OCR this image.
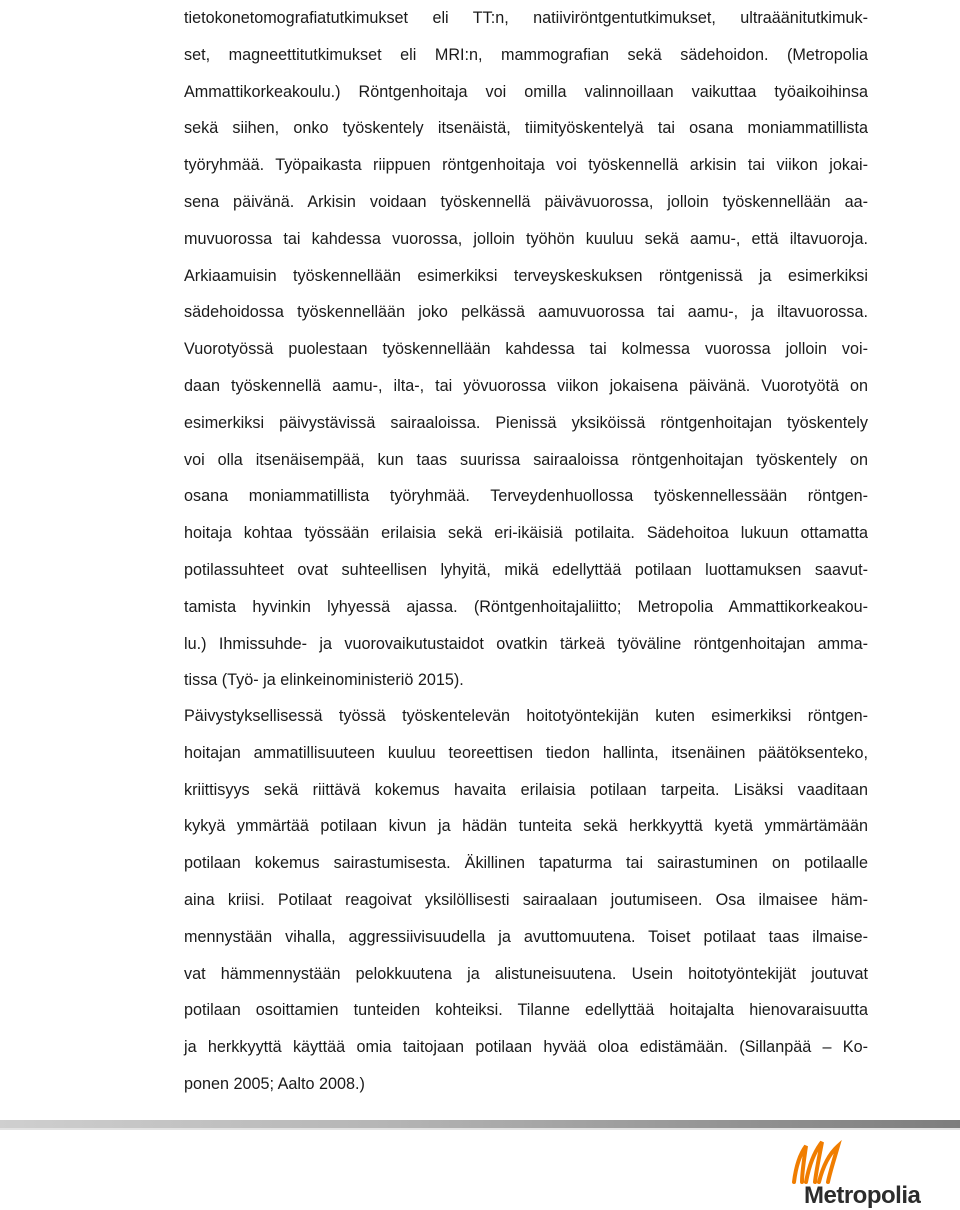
tietokonetomografiatutkimukset eli TT:n, natiiviröntgentutkimukset, ultraäänitutkimuk-
set, magneettitutkimukset eli MRI:n, mammografian sekä sädehoidon. (Metropolia
Ammattikorkeakoulu.) Röntgenhoitaja voi omilla valinnoillaan vaikuttaa työaikoihinsa
sekä siihen, onko työskentely itsenäistä, tiimityöskentelyä tai osana moniammatillista
työryhmää. Työpaikasta riippuen röntgenhoitaja voi työskennellä arkisin tai viikon jokai-
sena päivänä. Arkisin voidaan työskennellä päivävuorossa, jolloin työskennellään aa-
muvuorossa tai kahdessa vuorossa, jolloin työhön kuuluu sekä aamu-, että iltavuoroja.
Arkiaamuisin työskennellään esimerkiksi terveyskeskuksen röntgenissä ja esimerkiksi
sädehoidossa työskennellään joko pelkässä aamuvuorossa tai aamu-, ja iltavuorossa.
Vuorotyössä puolestaan työskennellään kahdessa tai kolmessa vuorossa jolloin voi-
daan työskennellä aamu-, ilta-, tai yövuorossa viikon jokaisena päivänä. Vuorotyötä on
esimerkiksi päivystävissä sairaaloissa. Pienissä yksiköissä röntgenhoitajan työskentely
voi olla itsenäisempää, kun taas suurissa sairaaloissa röntgenhoitajan työskentely on
osana moniammatillista työryhmää. Terveydenhuollossa työskennellessään röntgen-
hoitaja kohtaa työssään erilaisia sekä eri-ikäisiä potilaita. Sädehoitoa lukuun ottamatta
potilassuhteet ovat suhteellisen lyhyitä, mikä edellyttää potilaan luottamuksen saavut-
tamista hyvinkin lyhyessä ajassa. (Röntgenhoitajaliitto; Metropolia Ammattikorkeakou-
lu.) Ihmissuhde- ja vuorovaikutustaidot ovatkin tärkeä työväline röntgenhoitajan amma-
tissa (Työ- ja elinkeinoministeriö 2015).
Päivystyksellisessä työssä työskentelevän hoitotyöntekijän kuten esimerkiksi röntgen-
hoitajan ammatillisuuteen kuuluu teoreettisen tiedon hallinta, itsenäinen päätöksenteko,
kriittisyys sekä riittävä kokemus havaita erilaisia potilaan tarpeita. Lisäksi vaaditaan
kykyä ymmärtää potilaan kivun ja hädän tunteita sekä herkkyyttä kyetä ymmärtämään
potilaan kokemus sairastumisesta. Äkillinen tapaturma tai sairastuminen on potilaalle
aina kriisi. Potilaat reagoivat yksilöllisesti sairaalaan joutumiseen. Osa ilmaisee häm-
mennystään vihalla, aggressiivisuudella ja avuttomuutena. Toiset potilaat taas ilmaise-
vat hämmennystään pelokkuutena ja alistuneisuutena. Usein hoitotyöntekijät joutuvat
potilaan osoittamien tunteiden kohteiksi. Tilanne edellyttää hoitajalta hienovaraisuutta
ja herkkyyttä käyttää omia taitojaan potilaan hyvää oloa edistämään. (Sillanpää – Ko-
ponen 2005; Aalto 2008.)
Metropolia
